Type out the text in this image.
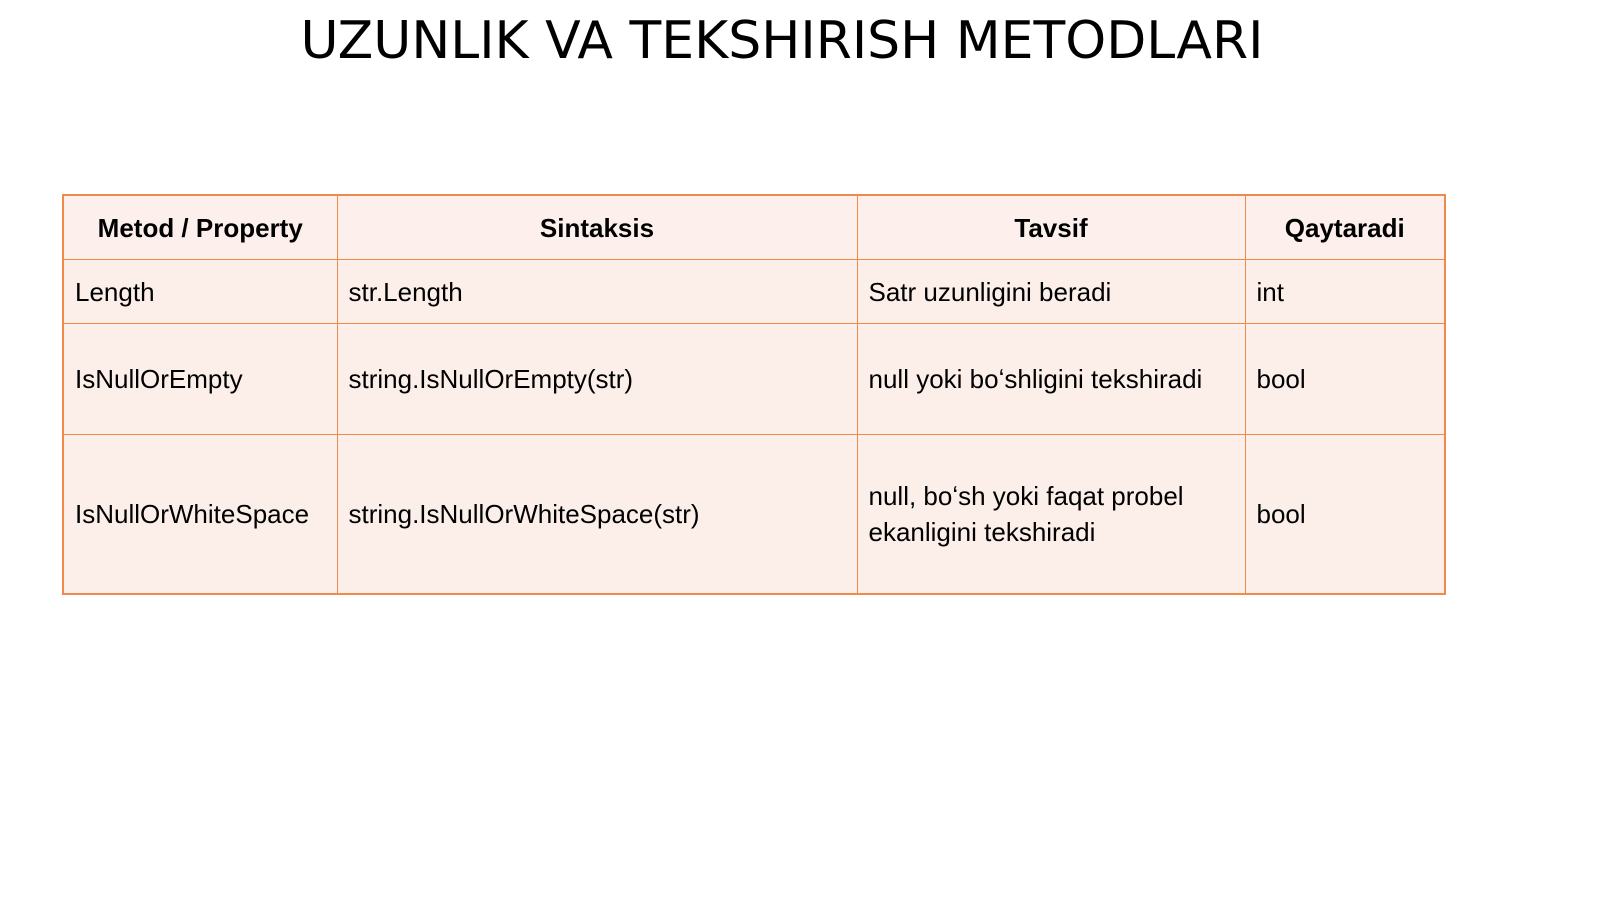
UZUNLIK VA TEKSHIRISH METODLARI
Metod / Property	Sintaksis	Tavsif	Qaytaradi
Length	str.Length	Satr uzunligini beradi	int
IsNullOrEmpty	string.IsNullOrEmpty(str)	null yoki boʻshligini tekshiradi	bool
IsNullOrWhiteSpace	string.IsNullOrWhiteSpace(str)	null, boʻsh yoki faqat probel ekanligini tekshiradi	bool
